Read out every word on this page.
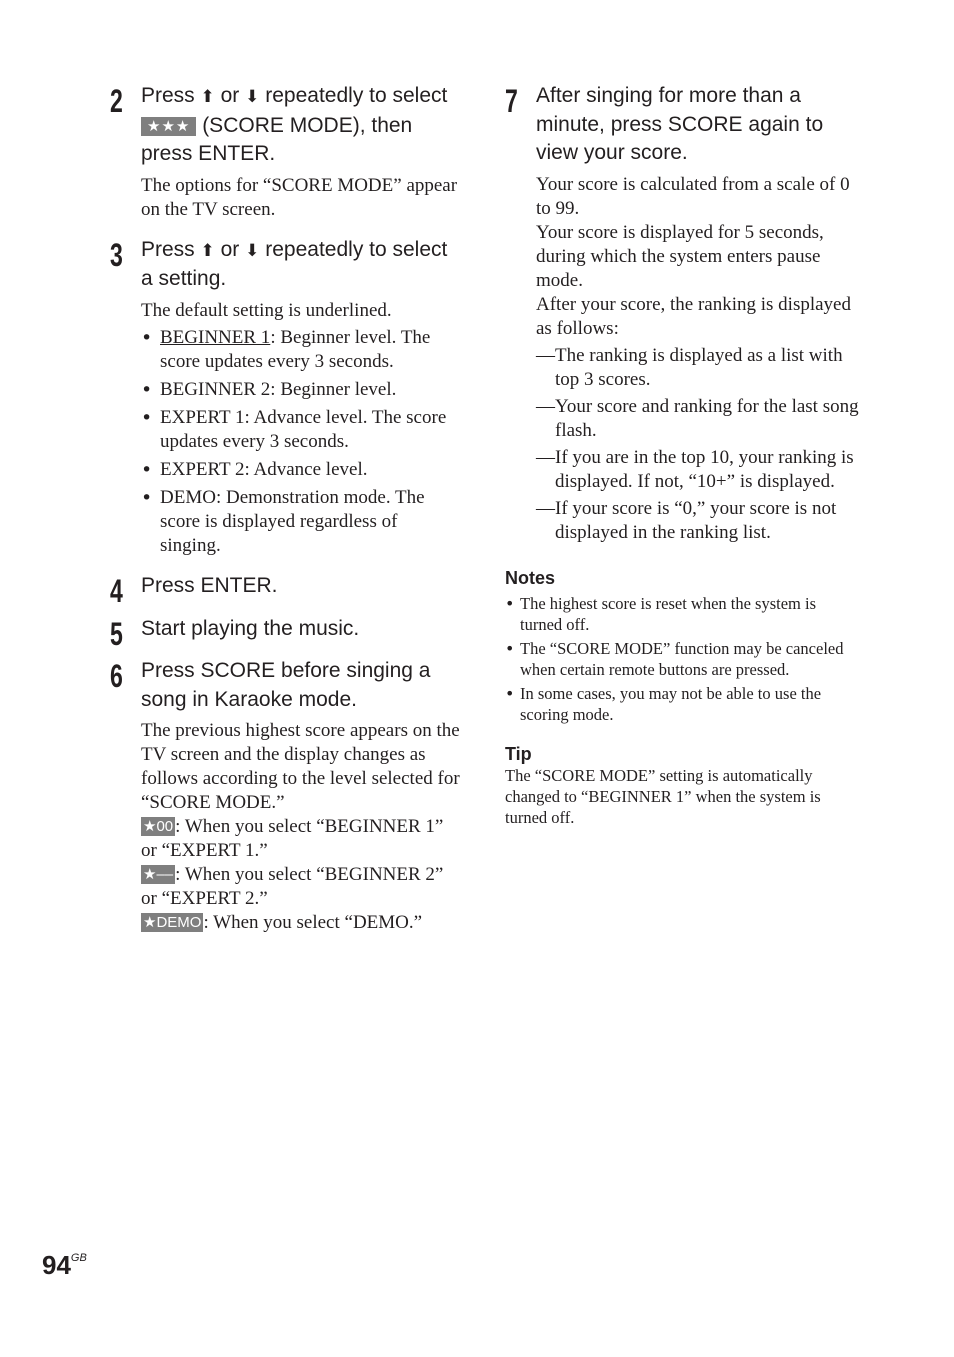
2 Press ⬆ or ⬇ repeatedly to select ★★★ (SCORE MODE), then press ENTER.

The options for “SCORE MODE” appear on the TV screen.

3 Press ⬆ or ⬇ repeatedly to select a setting.

The default setting is underlined.

• BEGINNER 1: Beginner level. The score updates every 3 seconds.
• BEGINNER 2: Beginner level.
• EXPERT 1: Advance level. The score updates every 3 seconds.
• EXPERT 2: Advance level.
• DEMO: Demonstration mode. The score is displayed regardless of singing.
4 Press ENTER.
5 Start playing the music.
6 Press SCORE before singing a song in Karaoke mode.

The previous highest score appears on the TV screen and the display changes as follows according to the level selected for “SCORE MODE.”

★00 : When you select “BEGINNER 1” or “EXPERT 1.”

★–– : When you select “BEGINNER 2” or “EXPERT 2.”

★DEMO : When you select “DEMO.”

7 After singing for more than a minute, press SCORE again to view your score.

Your score is calculated from a scale of 0 to 99.

Your score is displayed for 5 seconds, during which the system enters pause mode.

After your score, the ranking is displayed as follows:

— The ranking is displayed as a list with top 3 scores.
— Your score and ranking for the last song flash.
— If you are in the top 10, your ranking is displayed. If not, “10+” is displayed.
— If your score is “0,” your score is not displayed in the ranking list.
Notes
• The highest score is reset when the system is turned off.
• The “SCORE MODE” function may be canceled when certain remote buttons are pressed.
• In some cases, you may not be able to use the scoring mode.
Tip

The “SCORE MODE” setting is automatically changed to “BEGINNER 1” when the system is turned off.

$94^{GB}$
